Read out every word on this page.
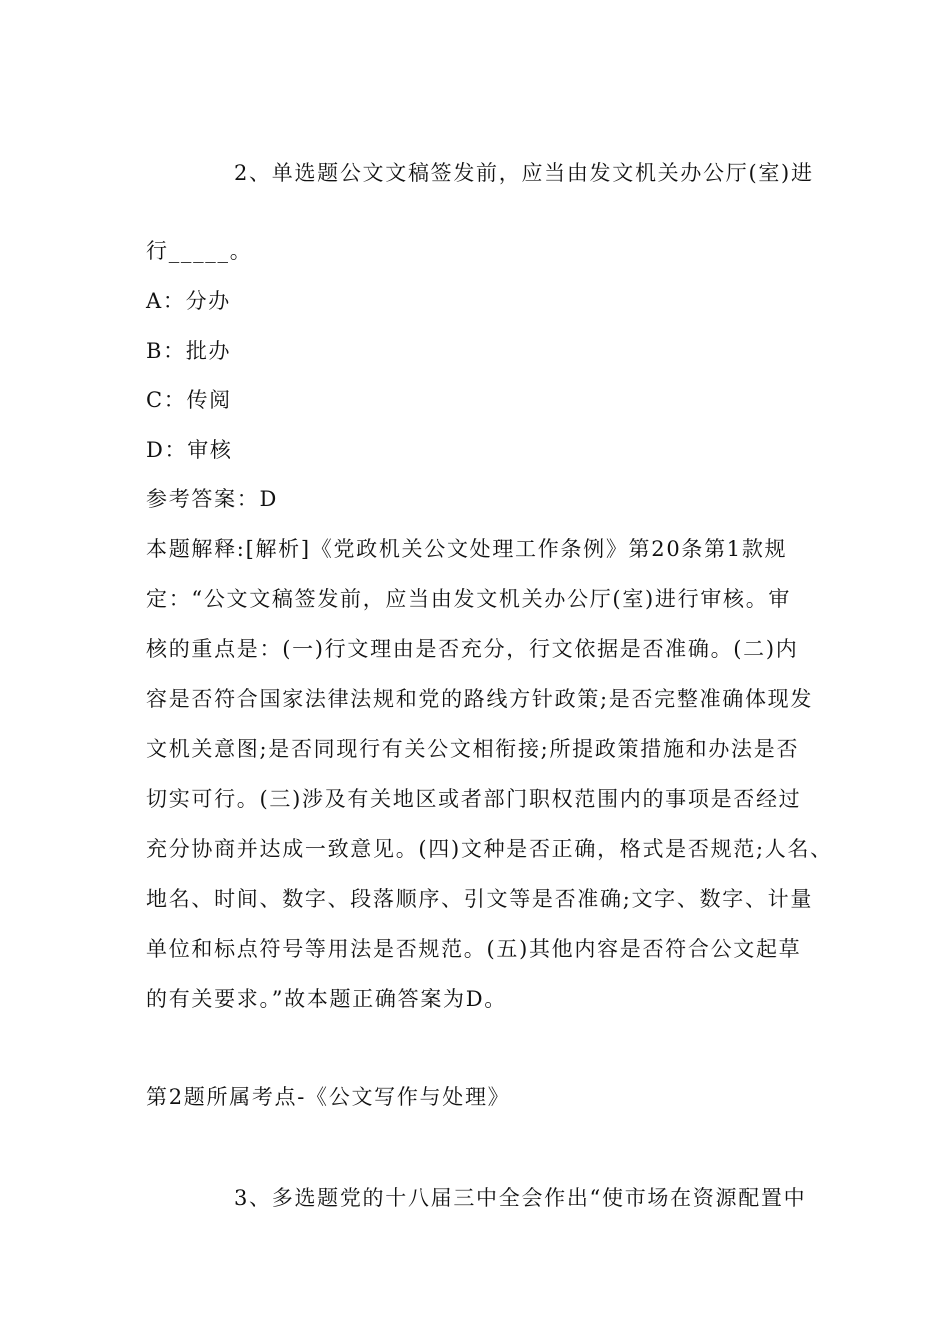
2、单选题公文文稿签发前，应当由发文机关办公厅(室)进
行_____。
A：分办
B：批办
C：传阅
D：审核
参考答案：D
本题解释:[解析]《党政机关公文处理工作条例》第20条第1款规
定：“公文文稿签发前，应当由发文机关办公厅(室)进行审核。审
核的重点是：(一)行文理由是否充分，行文依据是否准确。(二)内
容是否符合国家法律法规和党的路线方针政策;是否完整准确体现发
文机关意图;是否同现行有关公文相衔接;所提政策措施和办法是否
切实可行。(三)涉及有关地区或者部门职权范围内的事项是否经过
充分协商并达成一致意见。(四)文种是否正确，格式是否规范;人名、
地名、时间、数字、段落顺序、引文等是否准确;文字、数字、计量
单位和标点符号等用法是否规范。(五)其他内容是否符合公文起草
的有关要求。”故本题正确答案为D。
第2题所属考点-《公文写作与处理》
3、多选题党的十八届三中全会作出“使市场在资源配置中
